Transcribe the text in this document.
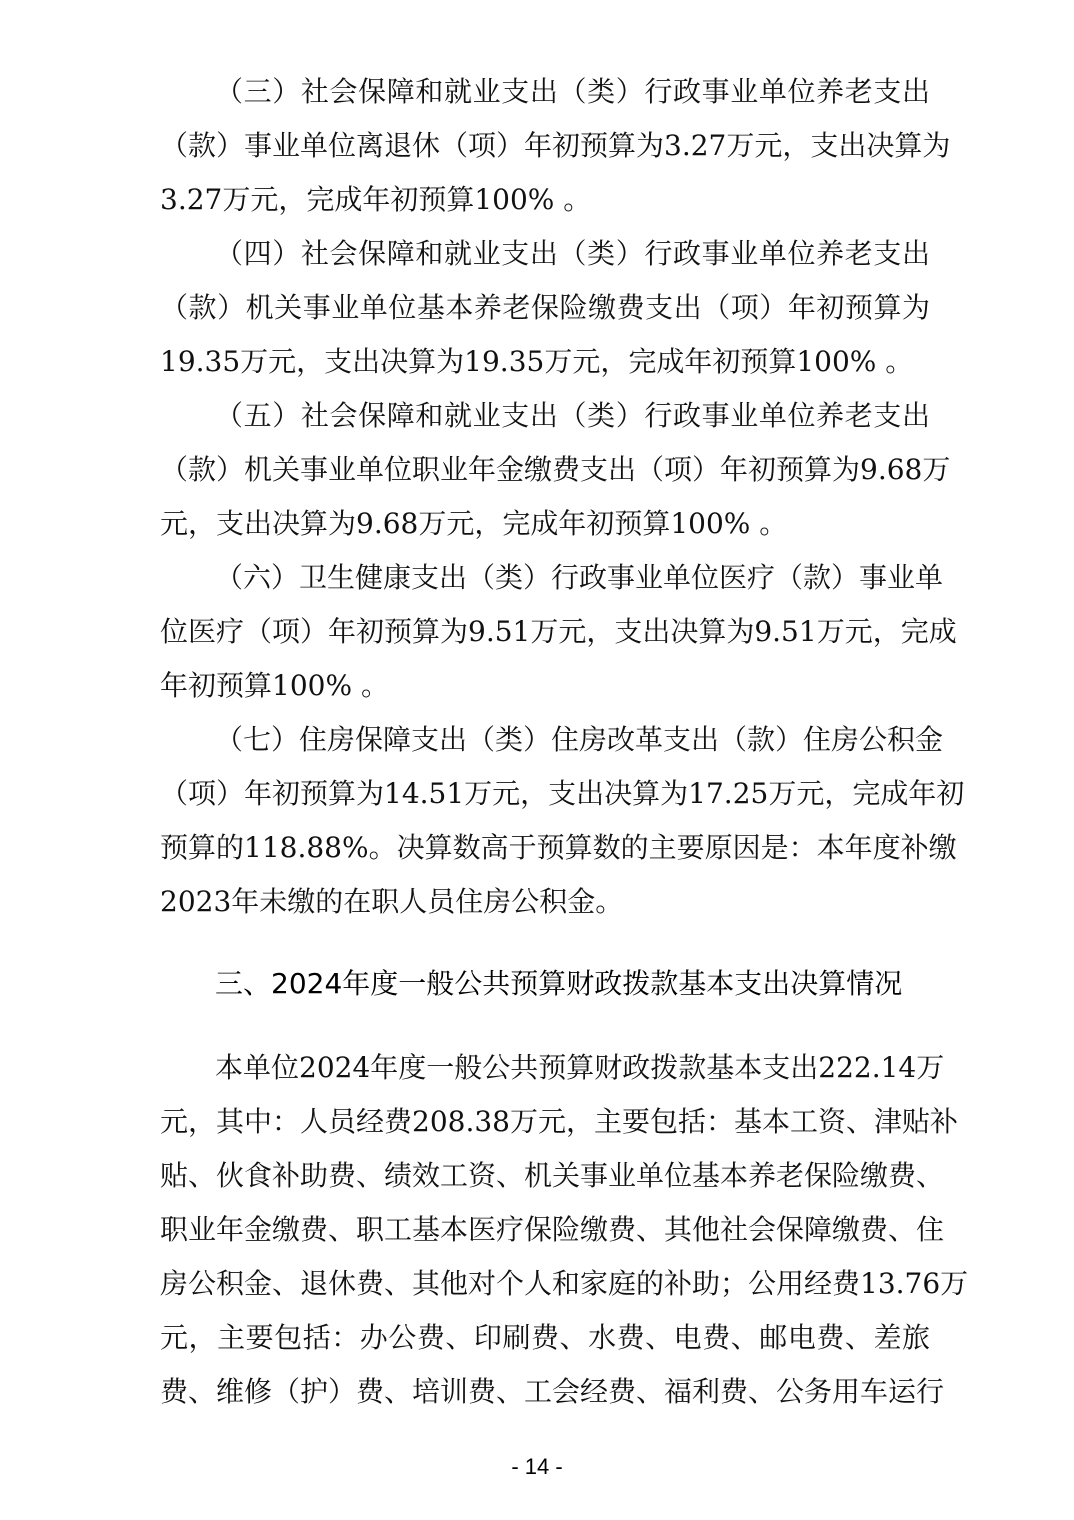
（三）社会保障和就业支出（类）行政事业单位养老支出
（款）事业单位离退休（项）年初预算为3.27万元，支出决算为
3.27万元，完成年初预算100% 。
（四）社会保障和就业支出（类）行政事业单位养老支出
（款）机关事业单位基本养老保险缴费支出（项）年初预算为
19.35万元，支出决算为19.35万元，完成年初预算100% 。
（五）社会保障和就业支出（类）行政事业单位养老支出
（款）机关事业单位职业年金缴费支出（项）年初预算为9.68万
元，支出决算为9.68万元，完成年初预算100% 。
（六）卫生健康支出（类）行政事业单位医疗（款）事业单
位医疗（项）年初预算为9.51万元，支出决算为9.51万元，完成
年初预算100% 。
（七）住房保障支出（类）住房改革支出（款）住房公积金
（项）年初预算为14.51万元，支出决算为17.25万元，完成年初
预算的118.88%。决算数高于预算数的主要原因是：本年度补缴
2023年未缴的在职人员住房公积金。
三、2024年度一般公共预算财政拨款基本支出决算情况
本单位2024年度一般公共预算财政拨款基本支出222.14万
元，其中：人员经费208.38万元，主要包括：基本工资、津贴补
贴、伙食补助费、绩效工资、机关事业单位基本养老保险缴费、
职业年金缴费、职工基本医疗保险缴费、其他社会保障缴费、住
房公积金、退休费、其他对个人和家庭的补助；公用经费13.76万
元，主要包括：办公费、印刷费、水费、电费、邮电费、差旅
费、维修（护）费、培训费、工会经费、福利费、公务用车运行
- 14 -
